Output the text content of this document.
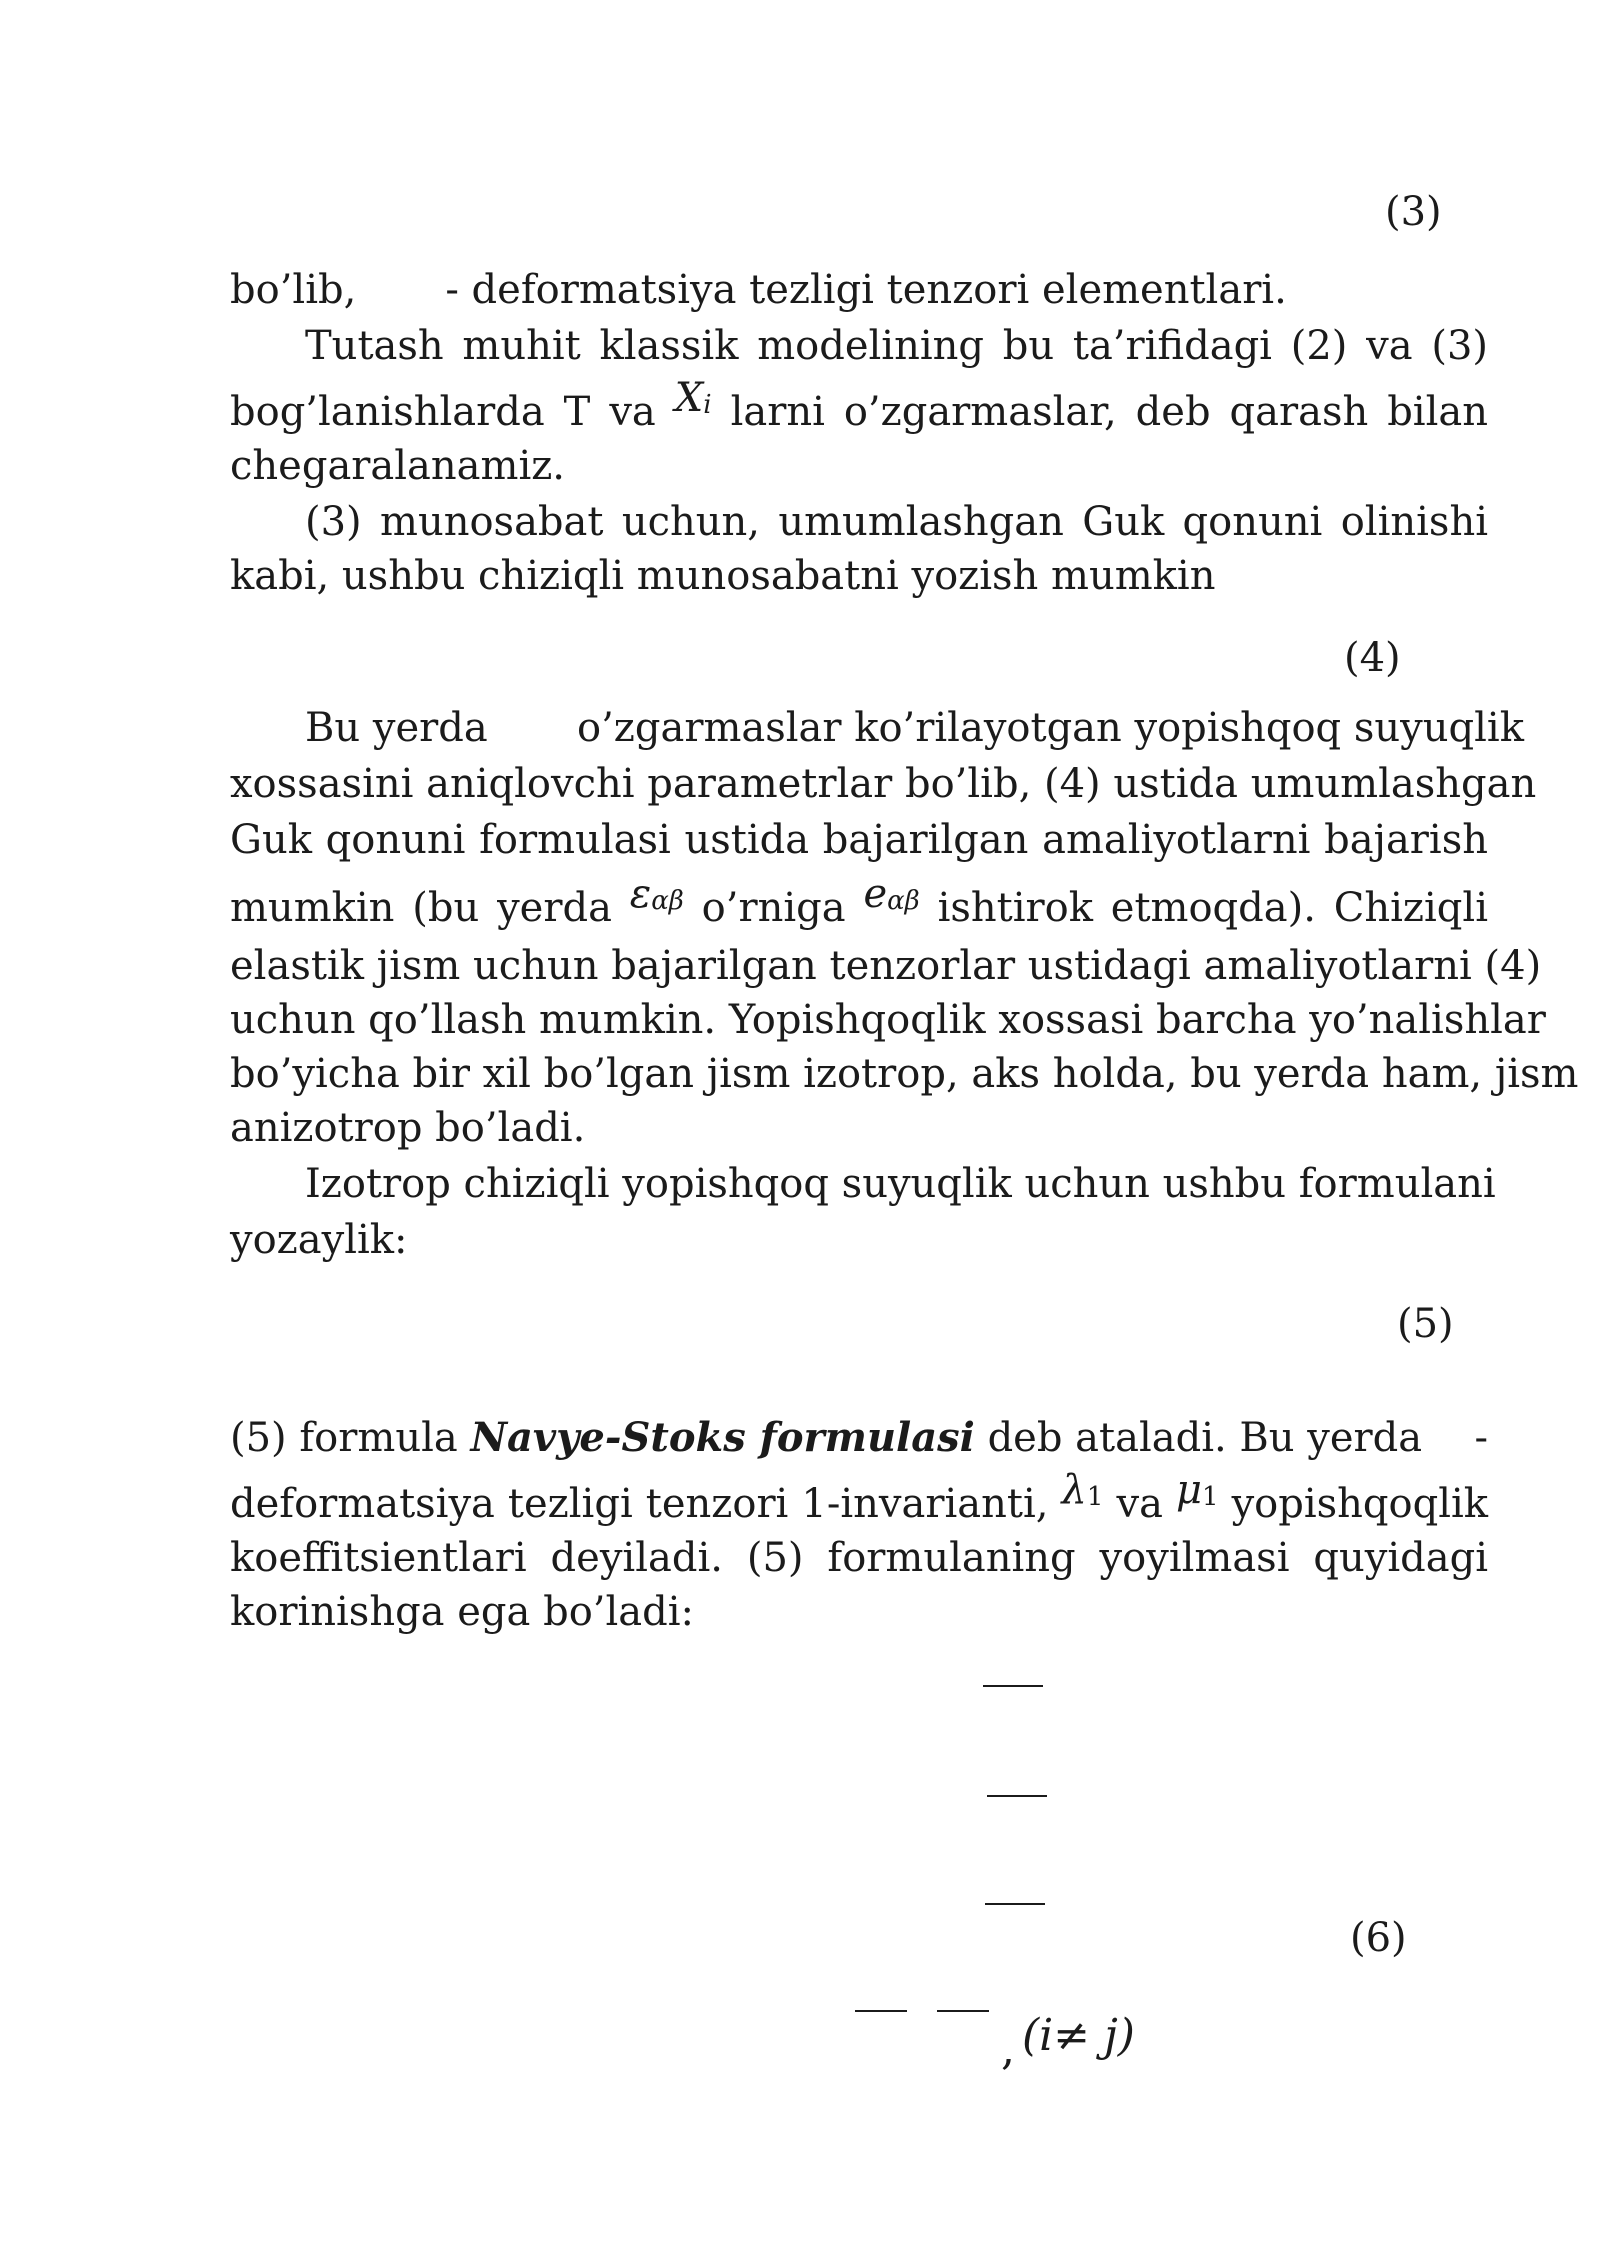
(3)
bo’lib,       - deformatsiya tezligi tenzori elementlari.
Tutash muhit klassik modelining bu ta’rifidagi (2) va (3)
bog’lanishlarda T va Xi larni o’zgarmaslar, deb qarash bilan
chegaralanamiz.
(3) munosabat uchun, umumlashgan Guk qonuni olinishi
kabi, ushbu chiziqli munosabatni yozish mumkin
(4)
Bu yerda o’zgarmaslar ko’rilayotgan yopishqoq suyuqlik
xossasini aniqlovchi parametrlar bo’lib, (4) ustida umumlashgan
Guk qonuni formulasi ustida bajarilgan amaliyotlarni bajarish
mumkin (bu yerda εαβ o’rniga eαβ ishtirok etmoqda). Chiziqli
elastik jism uchun bajarilgan tenzorlar ustidagi amaliyotlarni (4)
uchun qo’llash mumkin. Yopishqoqlik xossasi barcha yo’nalishlar
bo’yicha bir xil bo’lgan jism izotrop, aks holda, bu yerda ham, jism
anizotrop bo’ladi.
Izotrop chiziqli yopishqoq suyuqlik uchun ushbu formulani
yozaylik:
(5)
(5) formula Navye-Stoks formulasi deb ataladi. Bu yerda -
deformatsiya tezligi tenzori 1-invarianti, λ1 va μ1 yopishqoqlik
koeffitsientlari deyiladi. (5) formulaning yoyilmasi quyidagi
korinishga ega bo’ladi:
(6)
, (i≠ j)
